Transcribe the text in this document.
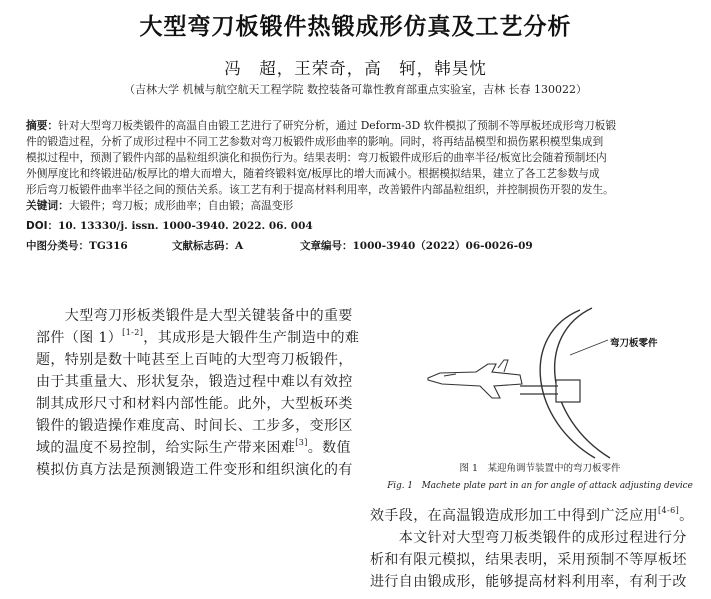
大型弯刀板锻件热锻成形仿真及工艺分析
冯　超，王荣奇，高　轲，韩昊忱
（吉林大学 机械与航空航天工程学院 数控装备可靠性教育部重点实验室，吉林 长春 130022）
摘要：针对大型弯刀板类锻件的高温自由锻工艺进行了研究分析，通过 Deform-3D 软件模拟了预制不等厚板坯成形弯刀板锻
件的锻造过程，分析了成形过程中不同工艺参数对弯刀板锻件成形曲率的影响。同时，将再结晶模型和损伤累积模型集成到
模拟过程中，预测了锻件内部的晶粒组织演化和损伤行为。结果表明：弯刀板锻件成形后的曲率半径/板宽比会随着预制坯内
外侧厚度比和终锻进砧/板厚比的增大而增大，随着终锻料宽/板厚比的增大而减小。根据模拟结果，建立了各工艺参数与成
形后弯刀板锻件曲率半径之间的预估关系。该工艺有利于提高材料利用率，改善锻件内部晶粒组织，并控制损伤开裂的发生。
关键词：大锻件；弯刀板；成形曲率；自由锻；高温变形
DOI：10. 13330/j. issn. 1000-3940. 2022. 06. 004
中图分类号：TG316	文献标志码：A	文章编号：1000-3940（2022）06-0026-09
　　大型弯刀形板类锻件是大型关键装备中的重要
部件（图 1）[1-2]，其成形是大锻件生产制造中的难
题，特别是数十吨甚至上百吨的大型弯刀板锻件，
由于其重量大、形状复杂，锻造过程中难以有效控
制其成形尺寸和材料内部性能。此外，大型板环类
锻件的锻造操作难度高、时间长、工步多，变形区
域的温度不易控制，给实际生产带来困难[3]。数值
模拟仿真方法是预测锻造工件变形和组织演化的有
弯刀板零件
图 1　某迎角调节装置中的弯刀板零件
Fig. 1　Machete plate part in an for angle of attack adjusting device
效手段，在高温锻造成形加工中得到广泛应用[4-6]。
　　本文针对大型弯刀板类锻件的成形过程进行分
析和有限元模拟，结果表明，采用预制不等厚板坯
进行自由锻成形，能够提高材料利用率，有利于改
